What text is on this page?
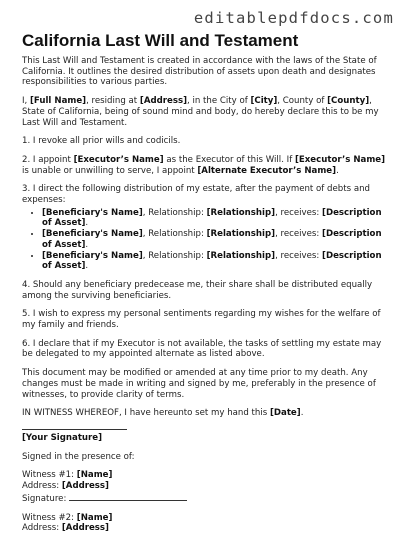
editablepdfdocs.com
California Last Will and Testament

This Last Will and Testament is created in accordance with the laws of the State of California. It outlines the desired distribution of assets upon death and designates responsibilities to various parties.

I, [Full Name], residing at [Address], in the City of [City], County of [County], State of California, being of sound mind and body, do hereby declare this to be my Last Will and Testament.

1. I revoke all prior wills and codicils.

2. I appoint [Executor’s Name] as the Executor of this Will. If [Executor’s Name] is unable or unwilling to serve, I appoint [Alternate Executor’s Name].

3. I direct the following distribution of my estate, after the payment of debts and expenses:

• [Beneficiary's Name], Relationship: [Relationship], receives: [Description of Asset].
• [Beneficiary's Name], Relationship: [Relationship], receives: [Description of Asset].
• [Beneficiary's Name], Relationship: [Relationship], receives: [Description of Asset].

4. Should any beneficiary predecease me, their share shall be distributed equally among the surviving beneficiaries.

5. I wish to express my personal sentiments regarding my wishes for the welfare of my family and friends.

6. I declare that if my Executor is not available, the tasks of settling my estate may be delegated to my appointed alternate as listed above.

This document may be modified or amended at any time prior to my death. Any changes must be made in writing and signed by me, preferably in the presence of witnesses, to provide clarity of terms.

IN WITNESS WHEREOF, I have hereunto set my hand this [Date].

[Your Signature]

Signed in the presence of:

Witness #1: [Name]
Address: [Address]
Signature:
Witness #2: [Name]
Address: [Address]
